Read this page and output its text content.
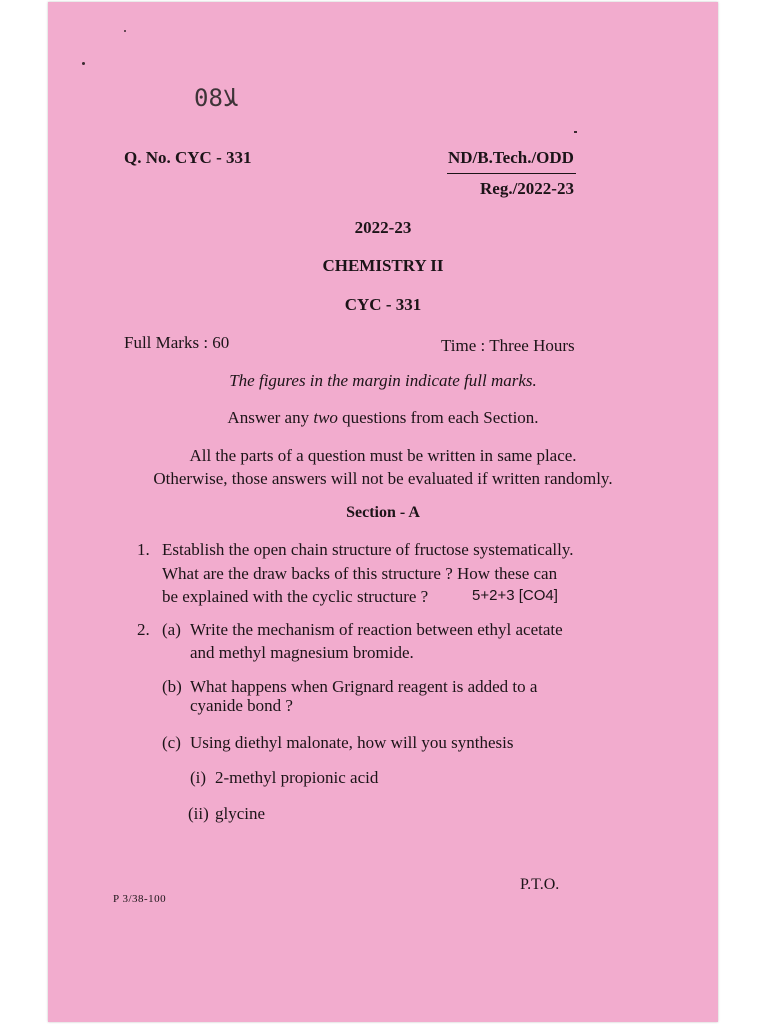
08ﻼ
Q. No. CYC - 331	ND/B.Tech./ODD
Reg./2022-23
2022-23
CHEMISTRY II
CYC - 331
Full Marks : 60	Time : Three Hours
The figures in the margin indicate full marks.
Answer any two questions from each Section.
All the parts of a question must be written in same place.
Otherwise, those answers will not be evaluated if written randomly.
Section - A
1. Establish the open chain structure of fructose systematically.
What are the draw backs of this structure ? How these can
be explained with the cyclic structure ?	5+2+3 [CO4]
2. (a) Write the mechanism of reaction between ethyl acetate
and methyl magnesium bromide.
(b) What happens when Grignard reagent is added to a
cyanide bond ?
(c) Using diethyl malonate, how will you synthesis
(i) 2-methyl propionic acid
(ii) glycine
P.T.O.
P 3/38-100
